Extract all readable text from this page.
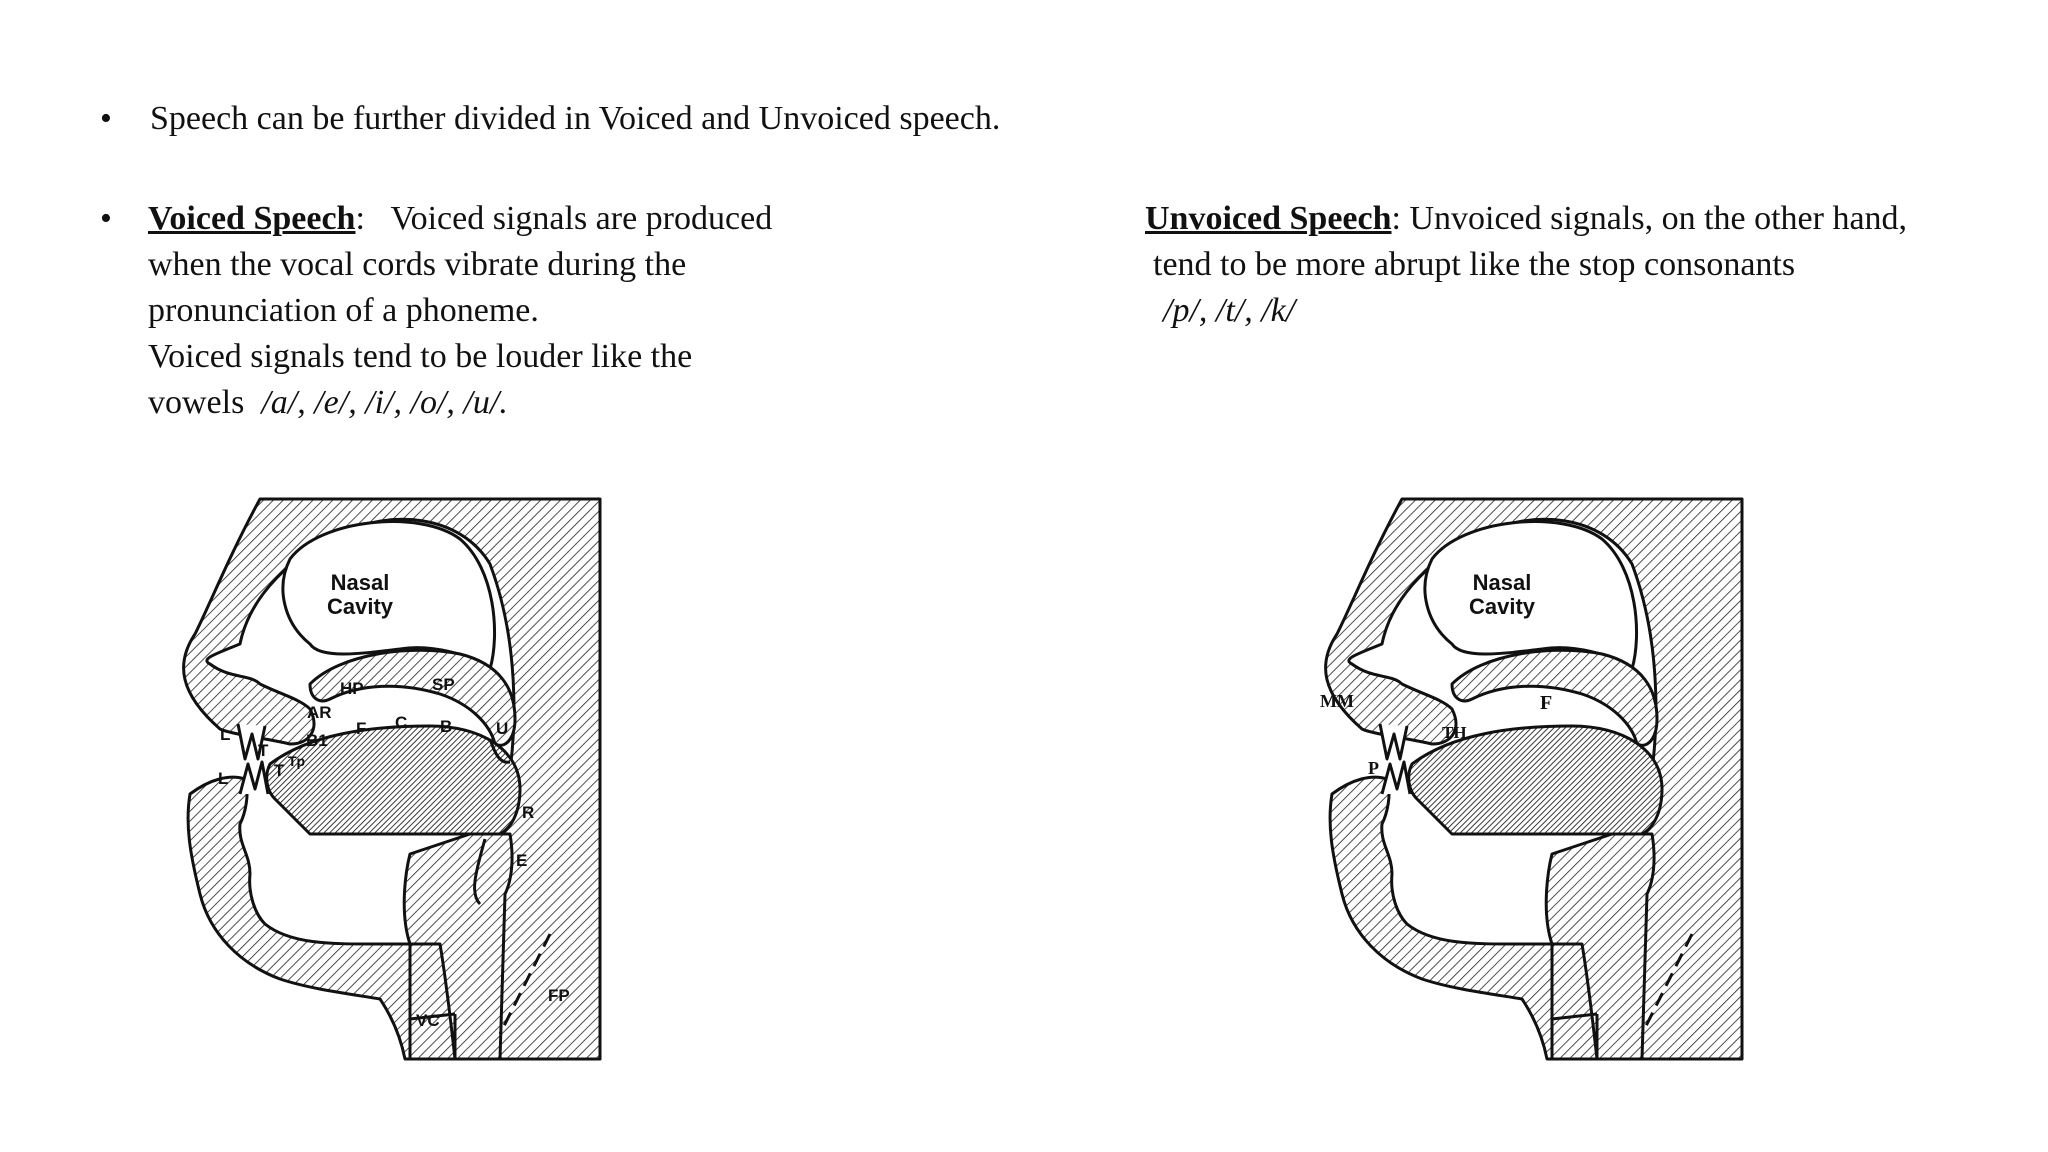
• Speech can be further divided in Voiced and Unvoiced speech.
• Voiced Speech: Voiced signals are produced
when the vocal cords vibrate during the
pronunciation of a phoneme.
Voiced signals tend to be louder like the
vowels /a/, /e/, /i/, /o/, /u/.
Unvoiced Speech: Unvoiced signals, on the other hand,
tend to be more abrupt like the stop consonants
/p/, /t/, /k/
Nasal
Cavity
HP	SP
AR
L
T
B1
F C B	U
Tp
T
L
R
E
FP
VC
Nasal
Cavity
MM	F
TH
P
